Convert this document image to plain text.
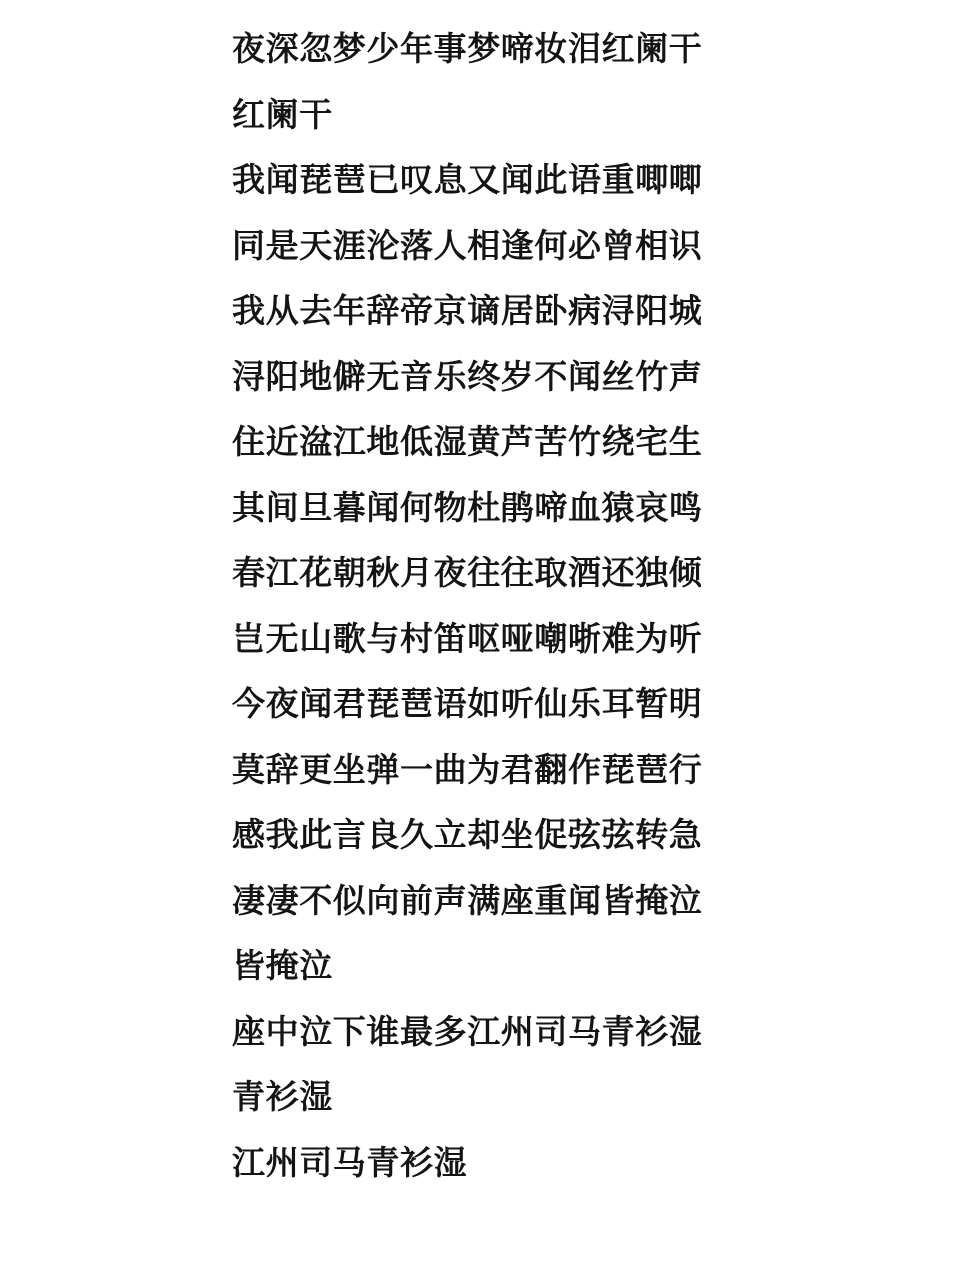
夜深忽梦少年事梦啼妆泪红阑干
红阑干
我闻琵琶已叹息又闻此语重唧唧
同是天涯沦落人相逢何必曾相识
我从去年辞帝京谪居卧病浔阳城
浔阳地僻无音乐终岁不闻丝竹声
住近湓江地低湿黄芦苦竹绕宅生
其间旦暮闻何物杜鹃啼血猿哀鸣
春江花朝秋月夜往往取酒还独倾
岂无山歌与村笛呕哑嘲哳难为听
今夜闻君琵琶语如听仙乐耳暂明
莫辞更坐弹一曲为君翻作琵琶行
感我此言良久立却坐促弦弦转急
凄凄不似向前声满座重闻皆掩泣
皆掩泣
座中泣下谁最多江州司马青衫湿
青衫湿
江州司马青衫湿
